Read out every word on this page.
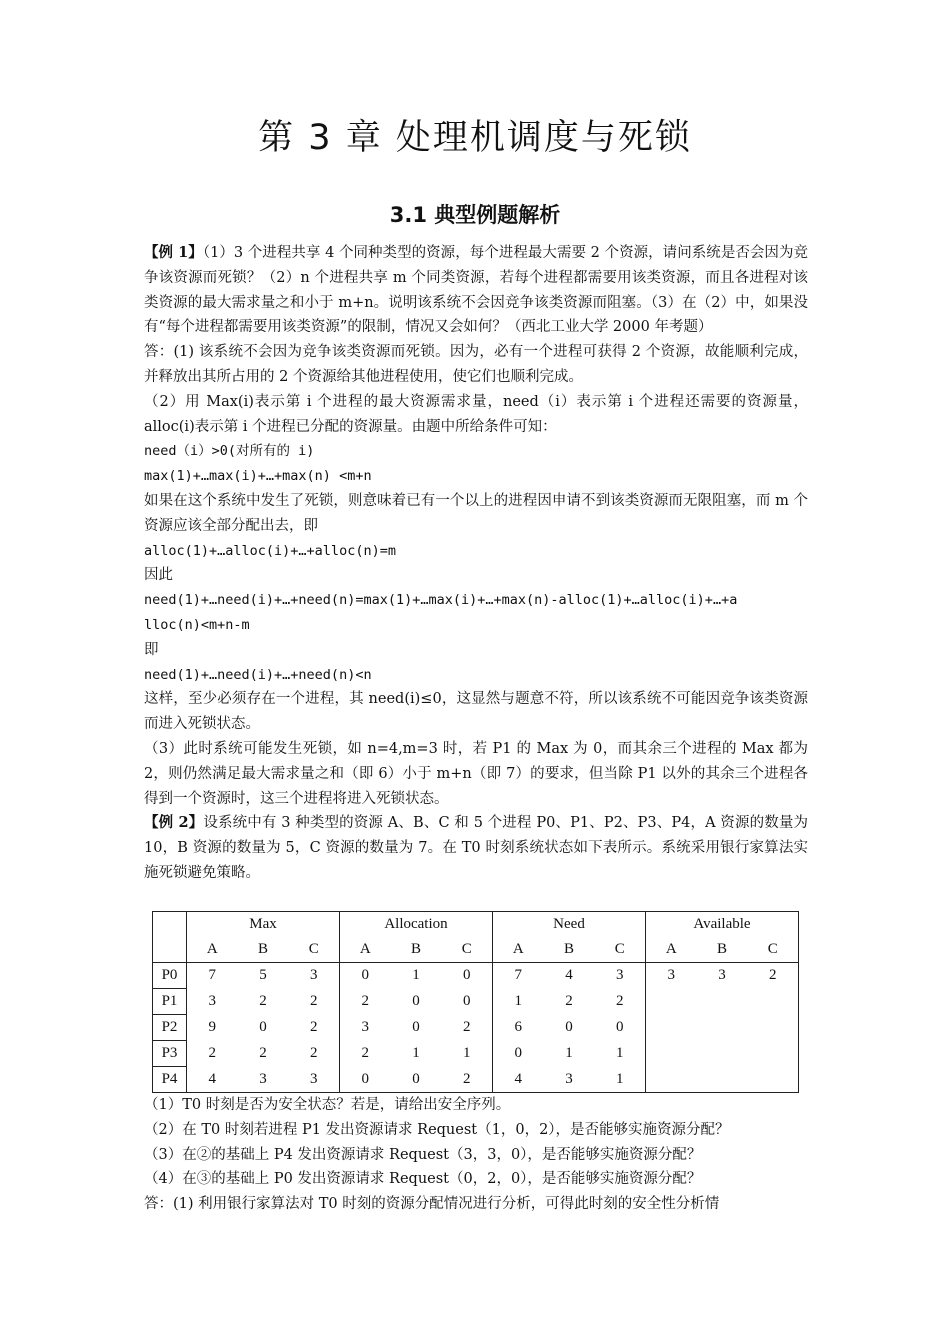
第 3 章 处理机调度与死锁
3.1 典型例题解析

【例 1】（1）3 个进程共享 4 个同种类型的资源，每个进程最大需要 2 个资源，请问系统是否会因为竞争该资源而死锁？（2）n 个进程共享 m 个同类资源，若每个进程都需要用该类资源，而且各进程对该类资源的最大需求量之和小于 m+n。说明该系统不会因竞争该类资源而阻塞。（3）在（2）中，如果没有“每个进程都需要用该类资源”的限制，情况又会如何？（西北工业大学 2000 年考题）

答：(1) 该系统不会因为竞争该类资源而死锁。因为，必有一个进程可获得 2 个资源，故能顺利完成，并释放出其所占用的 2 个资源给其他进程使用，使它们也顺利完成。

（2）用 Max(i)表示第 i 个进程的最大资源需求量，need（i）表示第 i 个进程还需要的资源量，alloc(i)表示第 i 个进程已分配的资源量。由题中所给条件可知：

need（i）>0(对所有的 i)

max(1)+…max(i)+…+max(n) <m+n

如果在这个系统中发生了死锁，则意味着已有一个以上的进程因申请不到该类资源而无限阻塞，而 m 个资源应该全部分配出去，即

alloc(1)+…alloc(i)+…+alloc(n)=m

因此

need(1)+…need(i)+…+need(n)=max(1)+…max(i)+…+max(n)-alloc(1)+…alloc(i)+…+a

lloc(n)<m+n-m

即

need(1)+…need(i)+…+need(n)<n

这样，至少必须存在一个进程，其 need(i)≤0，这显然与题意不符，所以该系统不可能因竞争该类资源而进入死锁状态。

（3）此时系统可能发生死锁，如 n=4,m=3 时，若 P1 的 Max 为 0，而其余三个进程的 Max 都为 2，则仍然满足最大需求量之和（即 6）小于 m+n（即 7）的要求，但当除 P1 以外的其余三个进程各得到一个资源时，这三个进程将进入死锁状态。

【例 2】设系统中有 3 种类型的资源 A、B、C 和 5 个进程 P0、P1、P2、P3、P4，A 资源的数量为 10，B 资源的数量为 5，C 资源的数量为 7。在 T0 时刻系统状态如下表所示。系统采用银行家算法实施死锁避免策略。

	Max			Allocation			Need			Available		
	A	B	C	A	B	C	A	B	C	A	B	C
P0	7	5	3	0	1	0	7	4	3	3	3	2
P1	3	2	2	2	0	0	1	2	2			
P2	9	0	2	3	0	2	6	0	0			
P3	2	2	2	2	1	1	0	1	1			
P4	4	3	3	0	0	2	4	3	1			

（1）T0 时刻是否为安全状态？若是，请给出安全序列。

（2）在 T0 时刻若进程 P1 发出资源请求 Request（1，0，2），是否能够实施资源分配？

（3）在②的基础上 P4 发出资源请求 Request（3，3，0），是否能够实施资源分配？

（4）在③的基础上 P0 发出资源请求 Request（0，2，0），是否能够实施资源分配？

答：(1) 利用银行家算法对 T0 时刻的资源分配情况进行分析，可得此时刻的安全性分析情
